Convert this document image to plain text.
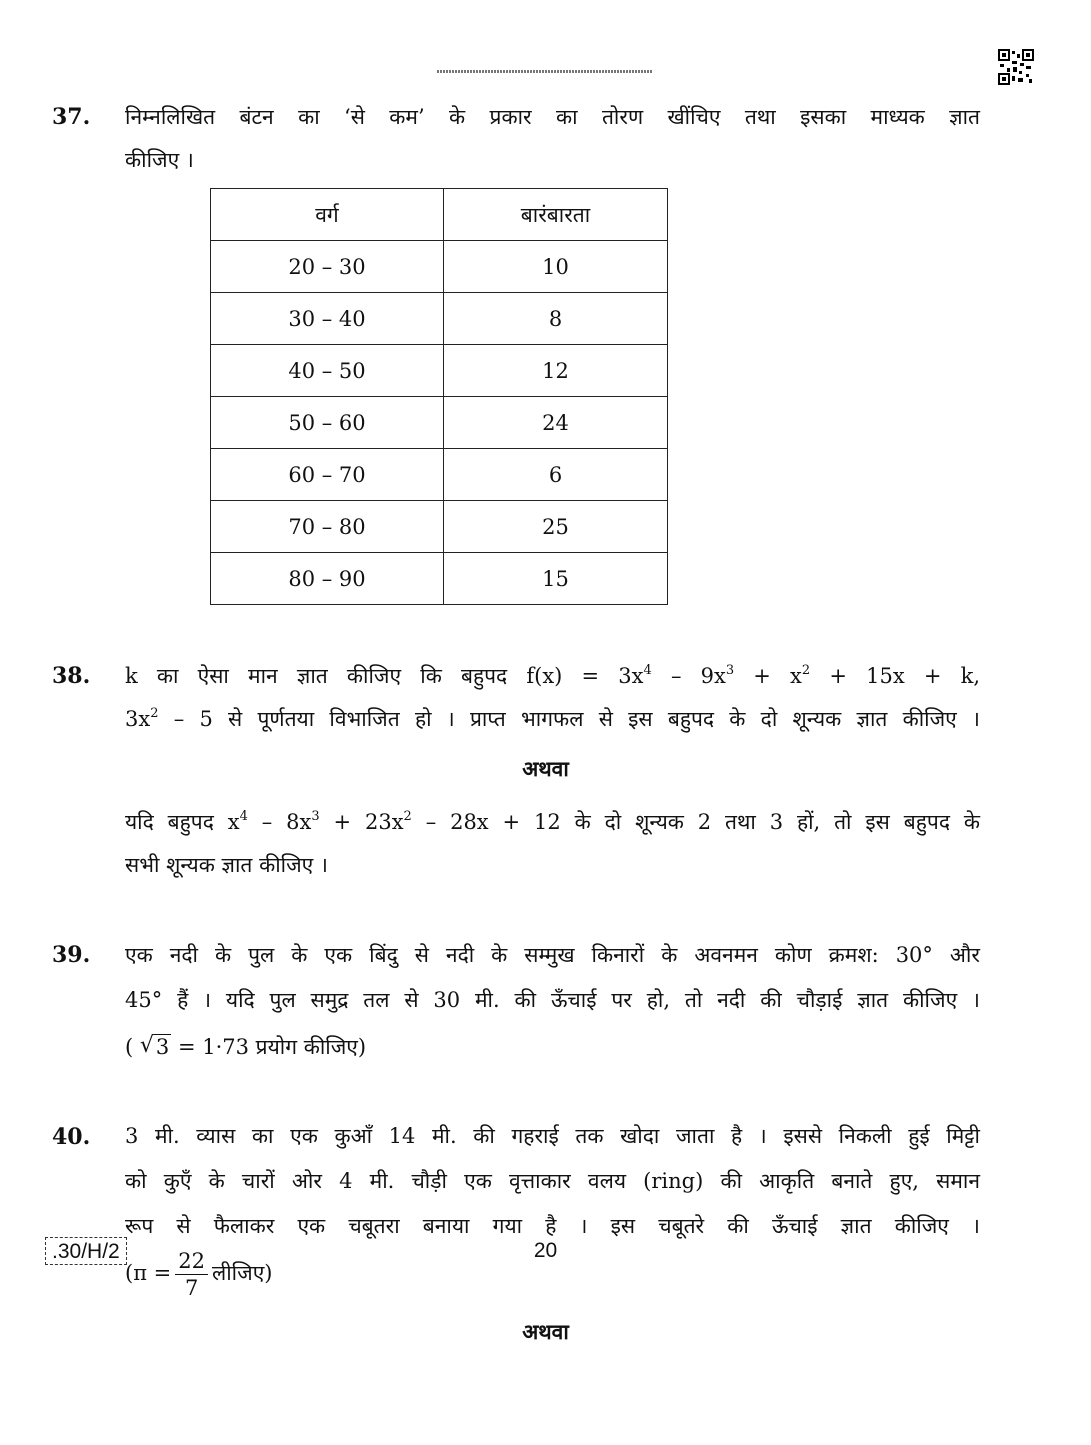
37. निम्नलिखित बंटन का ‘से कम’ के प्रकार का तोरण खींचिए तथा इसका माध्यक ज्ञात
कीजिए ।
वर्ग	बारंबारता
20 – 30	10
30 – 40	8
40 – 50	12
50 – 60	24
60 – 70	6
70 – 80	25
80 – 90	15
38. k का ऐसा मान ज्ञात कीजिए कि बहुपद $f(x) = 3x^4 - 9x^3 + x^2 + 15x + k$,
$3x^2 - 5$ से पूर्णतया विभाजित हो । प्राप्त भागफल से इस बहुपद के दो शून्यक ज्ञात कीजिए ।
अथवा
यदि बहुपद $x^4 - 8x^3 + 23x^2 - 28x + 12$ के दो शून्यक 2 तथा 3 हों, तो इस बहुपद के
सभी शून्यक ज्ञात कीजिए ।
39. एक नदी के पुल के एक बिंदु से नदी के सम्मुख किनारों के अवनमन कोण क्रमश: 30° और
45° हैं । यदि पुल समुद्र तल से 30 मी. की ऊँचाई पर हो, तो नदी की चौड़ाई ज्ञात कीजिए ।
( √ 3 = 1·73 प्रयोग कीजिए)
40. 3 मी. व्यास का एक कुआँ 14 मी. की गहराई तक खोदा जाता है । इससे निकली हुई मिट्टी
को कुएँ के चारों ओर 4 मी. चौड़ी एक वृत्ताकार वलय (ring) की आकृति बनाते हुए, समान
रूप से फैलाकर एक चबूतरा बनाया गया है । इस चबूतरे की ऊँचाई ज्ञात कीजिए ।
($\pi = \frac{22}{7}$ लीजिए)
अथवा
.30/H/2	20
